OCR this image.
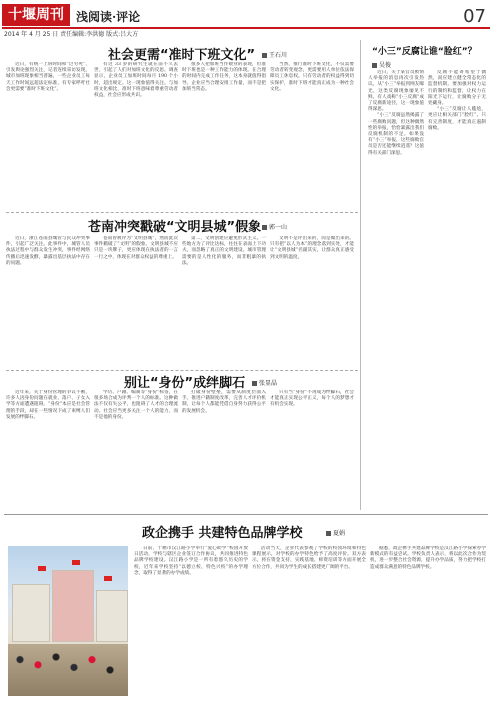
十堰周刊	浅阅读·评论	07
2014 年 4 月 25 日 责任编辑:李洪德 版式:吕大方
社会更需“准时下班文化”	王石川

近日，有统一上班时间和“过劳死”，引发舆论强烈关注，记者连续采访发现，城市加班现象相当普遍，一些企业员工每天工作时间远超法定标准，有专家呼吁社会更需要“准时下班文化”。

有这 33 岁的研究生就在前不久去世，引起了人们对加班文化的反思。调查显示，企业员工加班时间每月 190 个小时，超出规定。这一现象值得关注。与加班文化相比，准时下班意味着尊重劳动者权益，社会应形成共识。

很多人把加班当作敬业的表现，但准时下班也是一种工作能力的体现。在合理的时间内完成工作任务，这本身就值得倡导。企业应当合理安排工作量，而不是把加班当常态。

当然，推行准时下班文化，不仅需要劳动者转变观念，更需要用人单位依法保障员工休息权。只有劳动者的权益得到切实保护，准时下班才能真正成为一种社会文化。

苍南冲突戳破“文明县城”假象	郭一山

近日，浙江苍南县城管与民众冲突事件，引起广泛关注。此事件中，城管人员执法过程中与群众发生冲突，事件经网络传播后迅速发酵，暴露出基层执法中存在的问题。

苍南曾被评为“文明县城”，然而此次事件戳破了“文明”的假象。文明县城不应只是一块牌子，更应体现在执法者的一言一行之中，体现在对群众权益的尊重上。

第二，文明创建应避免形式主义。一些地方为了评比达标，往往在表面上下功夫，而忽略了真正的文明建设。城市管理需要的是人性化的服务，而非粗暴的执法。

文明不是评出来的，而是做出来的。只有把“以人为本”的理念落到实处，才能让“文明县城”名副其实，让群众真正感受到文明的温度。

别让“身份”成绊脚石	张显晶

近年来，关于身份管理的争议不断，许多人因身份问题在就业、落户、子女入学等方面遭遇阻碍。“身份”本应是社会管理的手段，却在一些情况下成了束缚人们发展的绊脚石。

学历、户籍、编制等“身份”标签，在很多场合成为评判一个人的标准。这种做法不仅有失公平，也阻碍了人才的合理流动。社会应当更多关注一个人的能力，而不是他的身份。

打破身份壁垒，需要从制度层面入手。推进户籍制度改革，完善人才评价机制，让每个人都能凭借自身努力获得公平的发展机会。

只有当“身份”不再成为绊脚石，社会才能真正实现公平正义，每个人的梦想才有机会实现。

“小三”反腐让谁“脸红”？
吴俊

近日，关于某官员被情人举报的消息再次引发热议。从“小三”举报到网友曝光，这类反腐现象屡见不鲜。有人戏称“小三反腐”成了反腐新途径，这一现象值得深思。

“小三”反腐虽然揭露了一些腐败问题，但这种偶然性的举报，恰恰暴露出我们反腐机制的不足。如果没有“小三”举报，这些腐败官员是否还能继续逍遥？这值得有关部门深思。

反腐不能寄希望于偶然，而应建立健全常态化的监督机制。要加强对权力运行的制约和监督，让权力在阳光下运行，让腐败分子无处藏身。

“小三”反腐让人尴尬，更应让相关部门“脸红”。只有完善制度，才能真正遏制腐败。

政企携手 共建特色品牌学校	夏娟

日前，十堰市汉江路小学举行“爱心助学”校园开放日活动，学校与辖区企业签订合作协议，共同推进特色品牌学校建设。汉江路小学是一所有着悠久历史的学校，近年来学校坚持“以德立校、特色兴校”的办学理念，取得了显著的办学成绩。

活动当天，企业代表参观了学校的校园环境和特色课程展示，对学校的办学特色给予了高度评价。双方表示，将在资金支持、实践基地、师资培训等方面开展全方位合作，共同为学生的成长搭建更广阔的平台。

据悉，政企携手共建品牌学校是汉江路小学探索办学新模式的有益尝试。学校负责人表示，将以此次合作为契机，进一步整合社会资源，提升办学品质，努力把学校打造成群众满意的特色品牌学校。
